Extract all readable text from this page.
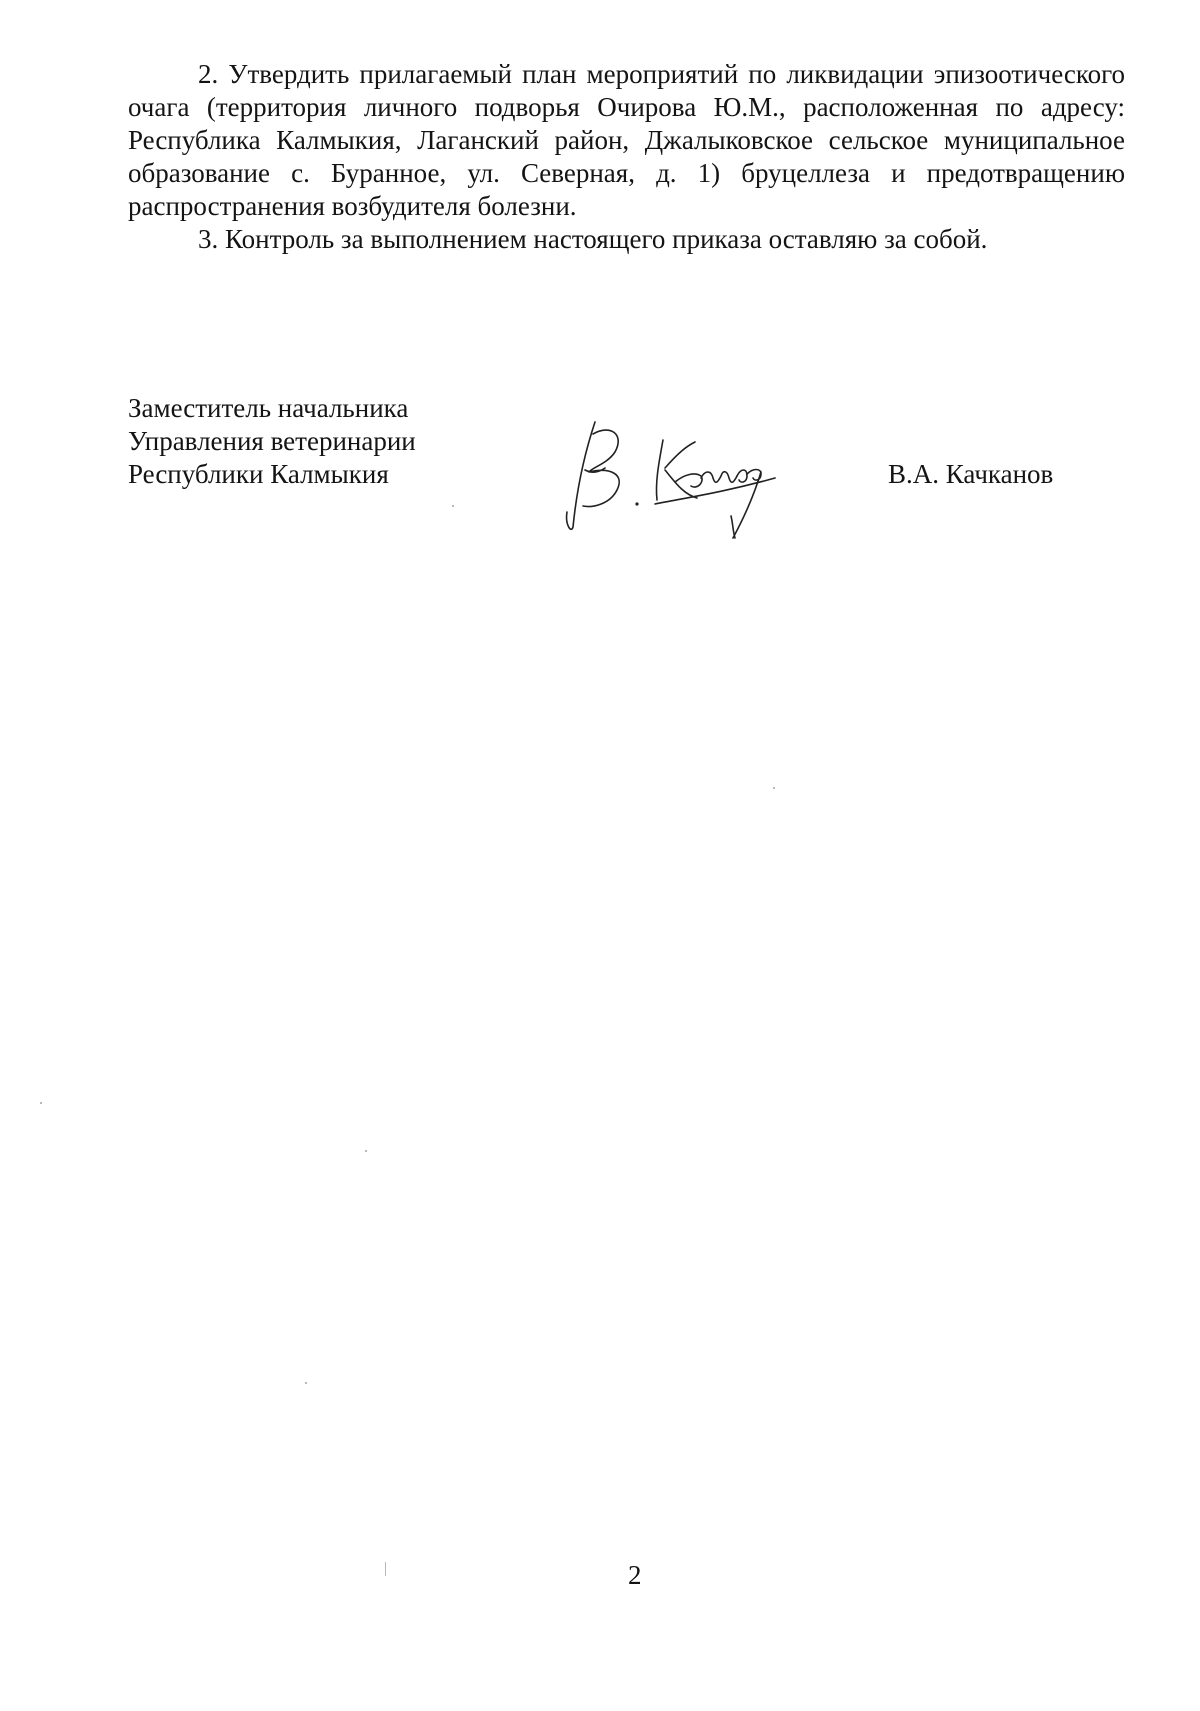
2. Утвердить прилагаемый план мероприятий по ликвидации эпизоотического очага (территория личного подворья Очирова Ю.М., расположенная по адресу: Республика Калмыкия, Лаганский район, Джалыковское сельское муниципальное образование с. Буранное, ул. Северная, д. 1) бруцеллеза и предотвращению распространения возбудителя болезни.

3. Контроль за выполнением настоящего приказа оставляю за собой.

Заместитель начальника
Управления ветеринарии
Республики Калмыкия	В.А. Качканов
2
